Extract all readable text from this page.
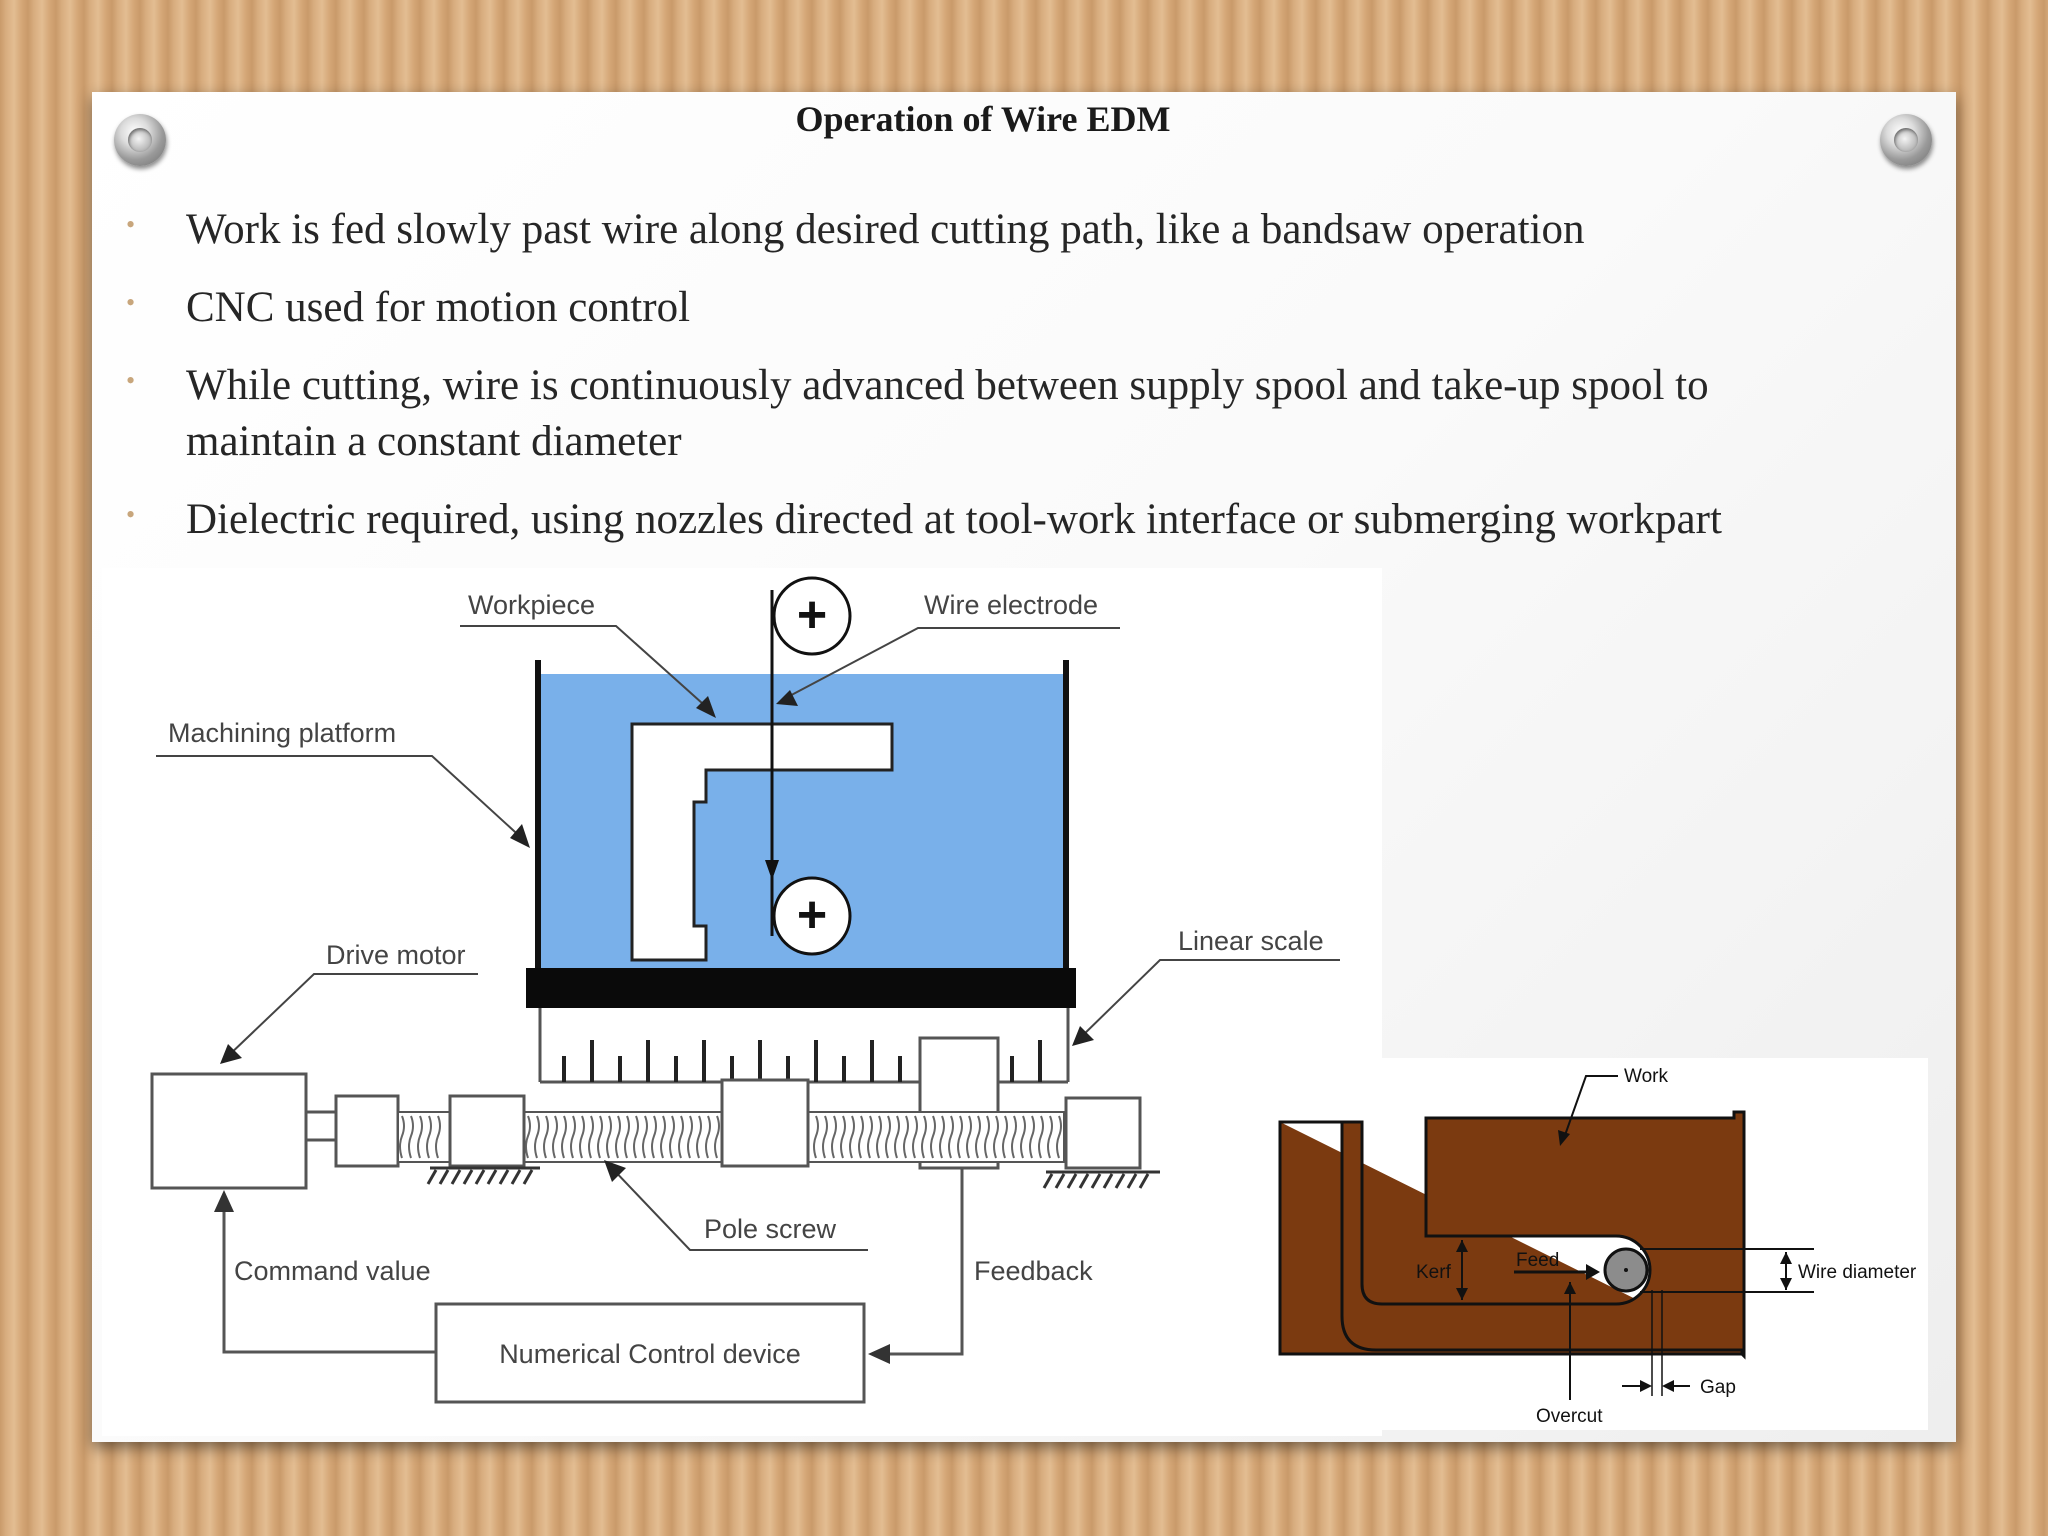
Operation of Wire EDM
• Work is fed slowly past wire along desired cutting path, like a bandsaw operation
• CNC used for motion control
• While cutting, wire is continuously advanced between supply spool and take-up spool to maintain a constant diameter
• Dielectric required, using nozzles directed at tool-work interface or submerging workpart
+
+
Numerical Control device
Command value	Feedback
Workpiece	Wire electrode
Machining platform
Drive motor	Linear scale
Pole screw
Work
Feed
Kerf	Wire diameter
Gap
Overcut
